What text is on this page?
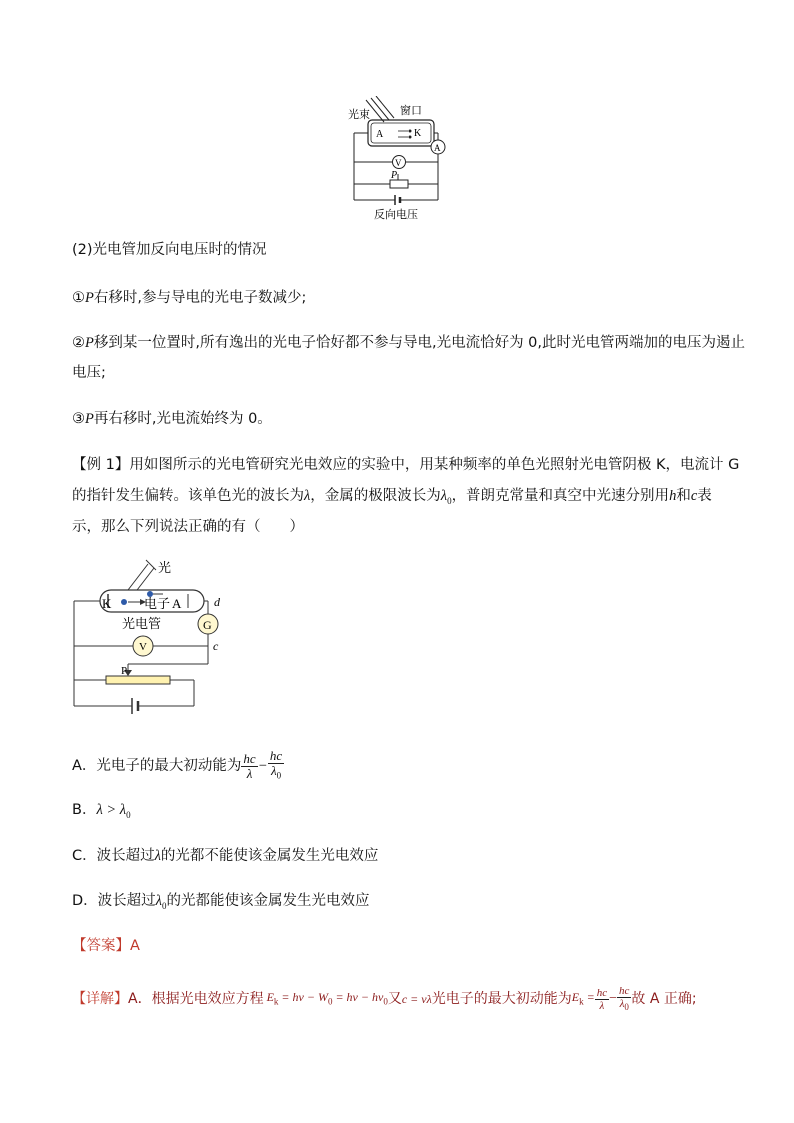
光束	窗口
A	K
V
A
P
反向电压
(2)光电管加反向电压时的情况
①P右移时,参与导电的光电子数减少;
②P移到某一位置时,所有逸出的光电子恰好都不参与导电,光电流恰好为 0,此时光电管两端加的电压为遏止
电压;
③P再右移时,光电流始终为 0。
【例 1】用如图所示的光电管研究光电效应的实验中，用某种频率的单色光照射光电管阴极 K，电流计 G
的指针发生偏转。该单色光的波长为λ，金属的极限波长为$\lambda_0$，普朗克常量和真空中光速分别用h和c表
示，那么下列说法正确的有（　　）
光
K	电子 A
光电管
d
G
V	c
P
A．光电子的最大初动能为 $\frac{hc}{\lambda} - \frac{hc}{\lambda_0}$
B．$\lambda > \lambda_0$
C．波长超过λ的光都不能使该金属发生光电效应
D．波长超过$\lambda_0$的光都能使该金属发生光电效应
【答案】A
【详解】 A．根据光电效应方程 $E_k = h\nu - W_0 = h\nu - h\nu_0$ 又 c = νλ 光电子的最大初动能为 $E_k = \frac{hc}{\lambda} - \frac{hc}{\lambda_0}$ 故 A 正确;
